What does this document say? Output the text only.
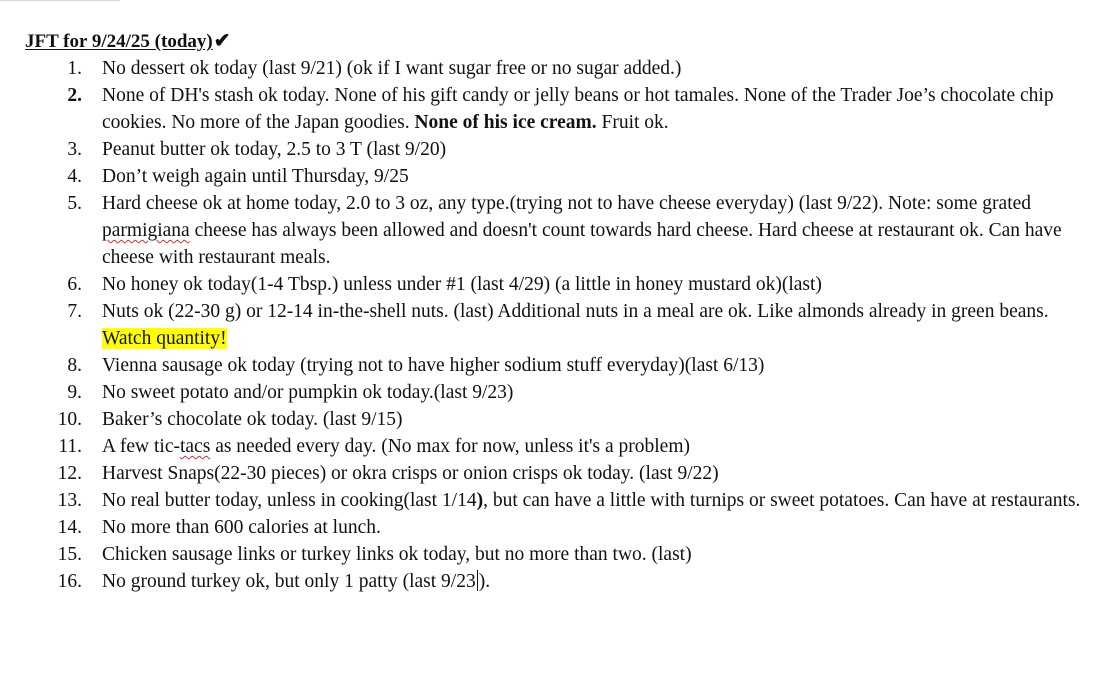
JFT for 9/24/25 (today)✔
1. No dessert ok today (last 9/21) (ok if I want sugar free or no sugar added.)
2. None of DH's stash ok today. None of his gift candy or jelly beans or hot tamales. None of the Trader Joe’s chocolate chip cookies. No more of the Japan goodies. None of his ice cream. Fruit ok.
3. Peanut butter ok today, 2.5 to 3 T (last 9/20)
4. Don’t weigh again until Thursday, 9/25
5. Hard cheese ok at home today, 2.0 to 3 oz, any type.(trying not to have cheese everyday) (last 9/22). Note: some grated parmigiana cheese has always been allowed and doesn't count towards hard cheese. Hard cheese at restaurant ok. Can have cheese with restaurant meals.
6. No honey ok today(1-4 Tbsp.) unless under #1 (last 4/29) (a little in honey mustard ok)(last)
7. Nuts ok (22-30 g) or 12-14 in-the-shell nuts. (last) Additional nuts in a meal are ok. Like almonds already in green beans. Watch quantity!
8. Vienna sausage ok today (trying not to have higher sodium stuff everyday)(last 6/13)
9. No sweet potato and/or pumpkin ok today.(last 9/23)
10. Baker’s chocolate ok today. (last 9/15)
11. A few tic-tacs as needed every day. (No max for now, unless it's a problem)
12. Harvest Snaps(22-30 pieces) or okra crisps or onion crisps ok today. (last 9/22)
13. No real butter today, unless in cooking(last 1/14), but can have a little with turnips or sweet potatoes. Can have at restaurants.
14. No more than 600 calories at lunch.
15. Chicken sausage links or turkey links ok today, but no more than two. (last)
16. No ground turkey ok, but only 1 patty (last 9/23 ).
